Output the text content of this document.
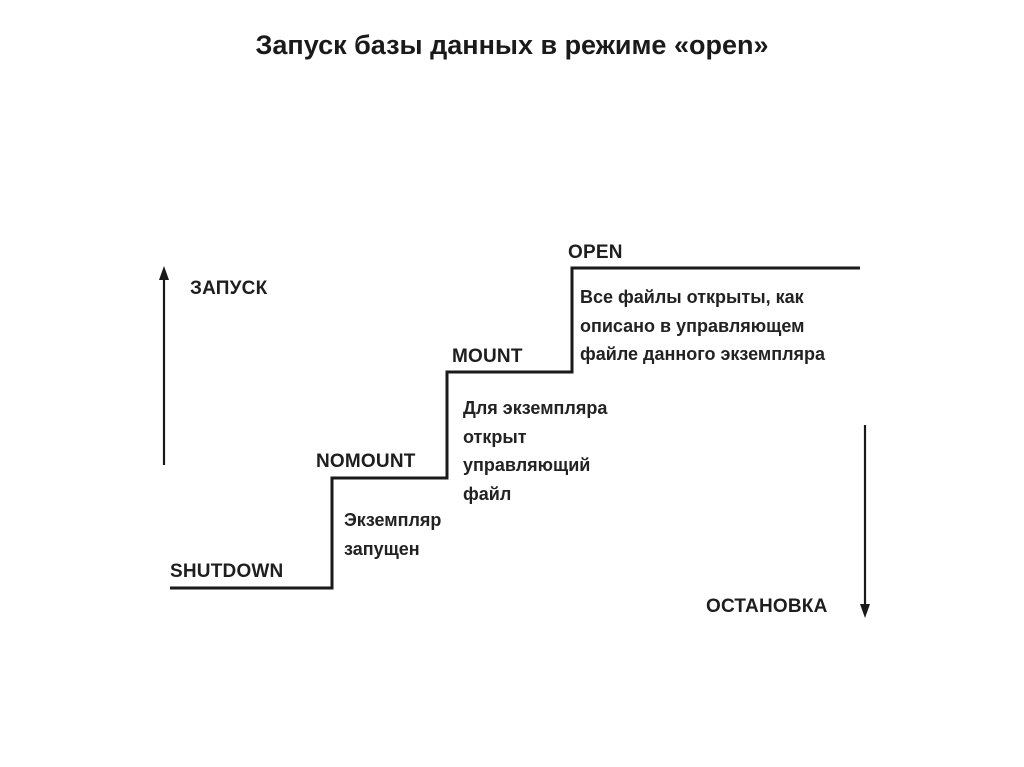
Запуск базы данных в режиме «open»
ЗАПУСК
ОСТАНОВКА
SHUTDOWN
NOMOUNT
MOUNT
OPEN
Экземпляр
запущен
Для экземпляра
открыт
управляющий
файл
Все файлы открыты, как
описано в управляющем
файле данного экземпляра
